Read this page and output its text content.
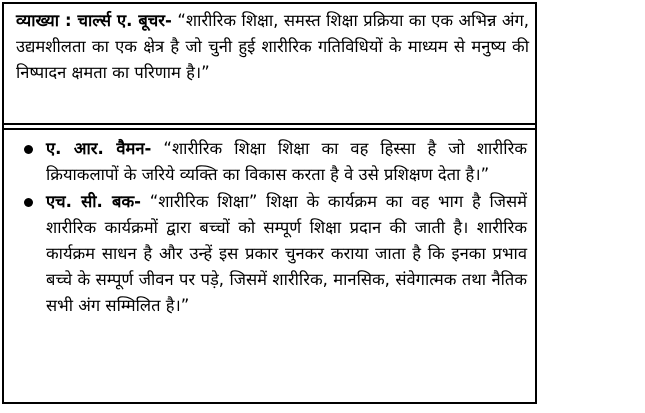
व्याख्या : चार्ल्स ए. बूचर- “शारीरिक शिक्षा, समस्त शिक्षा प्रक्रिया का एक अभिन्न अंग, उद्यमशीलता का एक क्षेत्र है जो चुनी हुई शारीरिक गतिविधियों के माध्यम से मनुष्य की निष्पादन क्षमता का परिणाम है।”

ए. आर. वैमन- “शारीरिक शिक्षा शिक्षा का वह हिस्सा है जो शारीरिक क्रियाकलापों के जरिये व्यक्ति का विकास करता है वे उसे प्रशिक्षण देता है।”

एच. सी. बक- “शारीरिक शिक्षा” शिक्षा के कार्यक्रम का वह भाग है जिसमें शारीरिक कार्यक्रमों द्वारा बच्चों को सम्पूर्ण शिक्षा प्रदान की जाती है। शारीरिक कार्यक्रम साधन है और उन्हें इस प्रकार चुनकर कराया जाता है कि इनका प्रभाव बच्चे के सम्पूर्ण जीवन पर पड़े, जिसमें शारीरिक, मानसिक, संवेगात्मक तथा नैतिक सभी अंग सम्मिलित है।”
